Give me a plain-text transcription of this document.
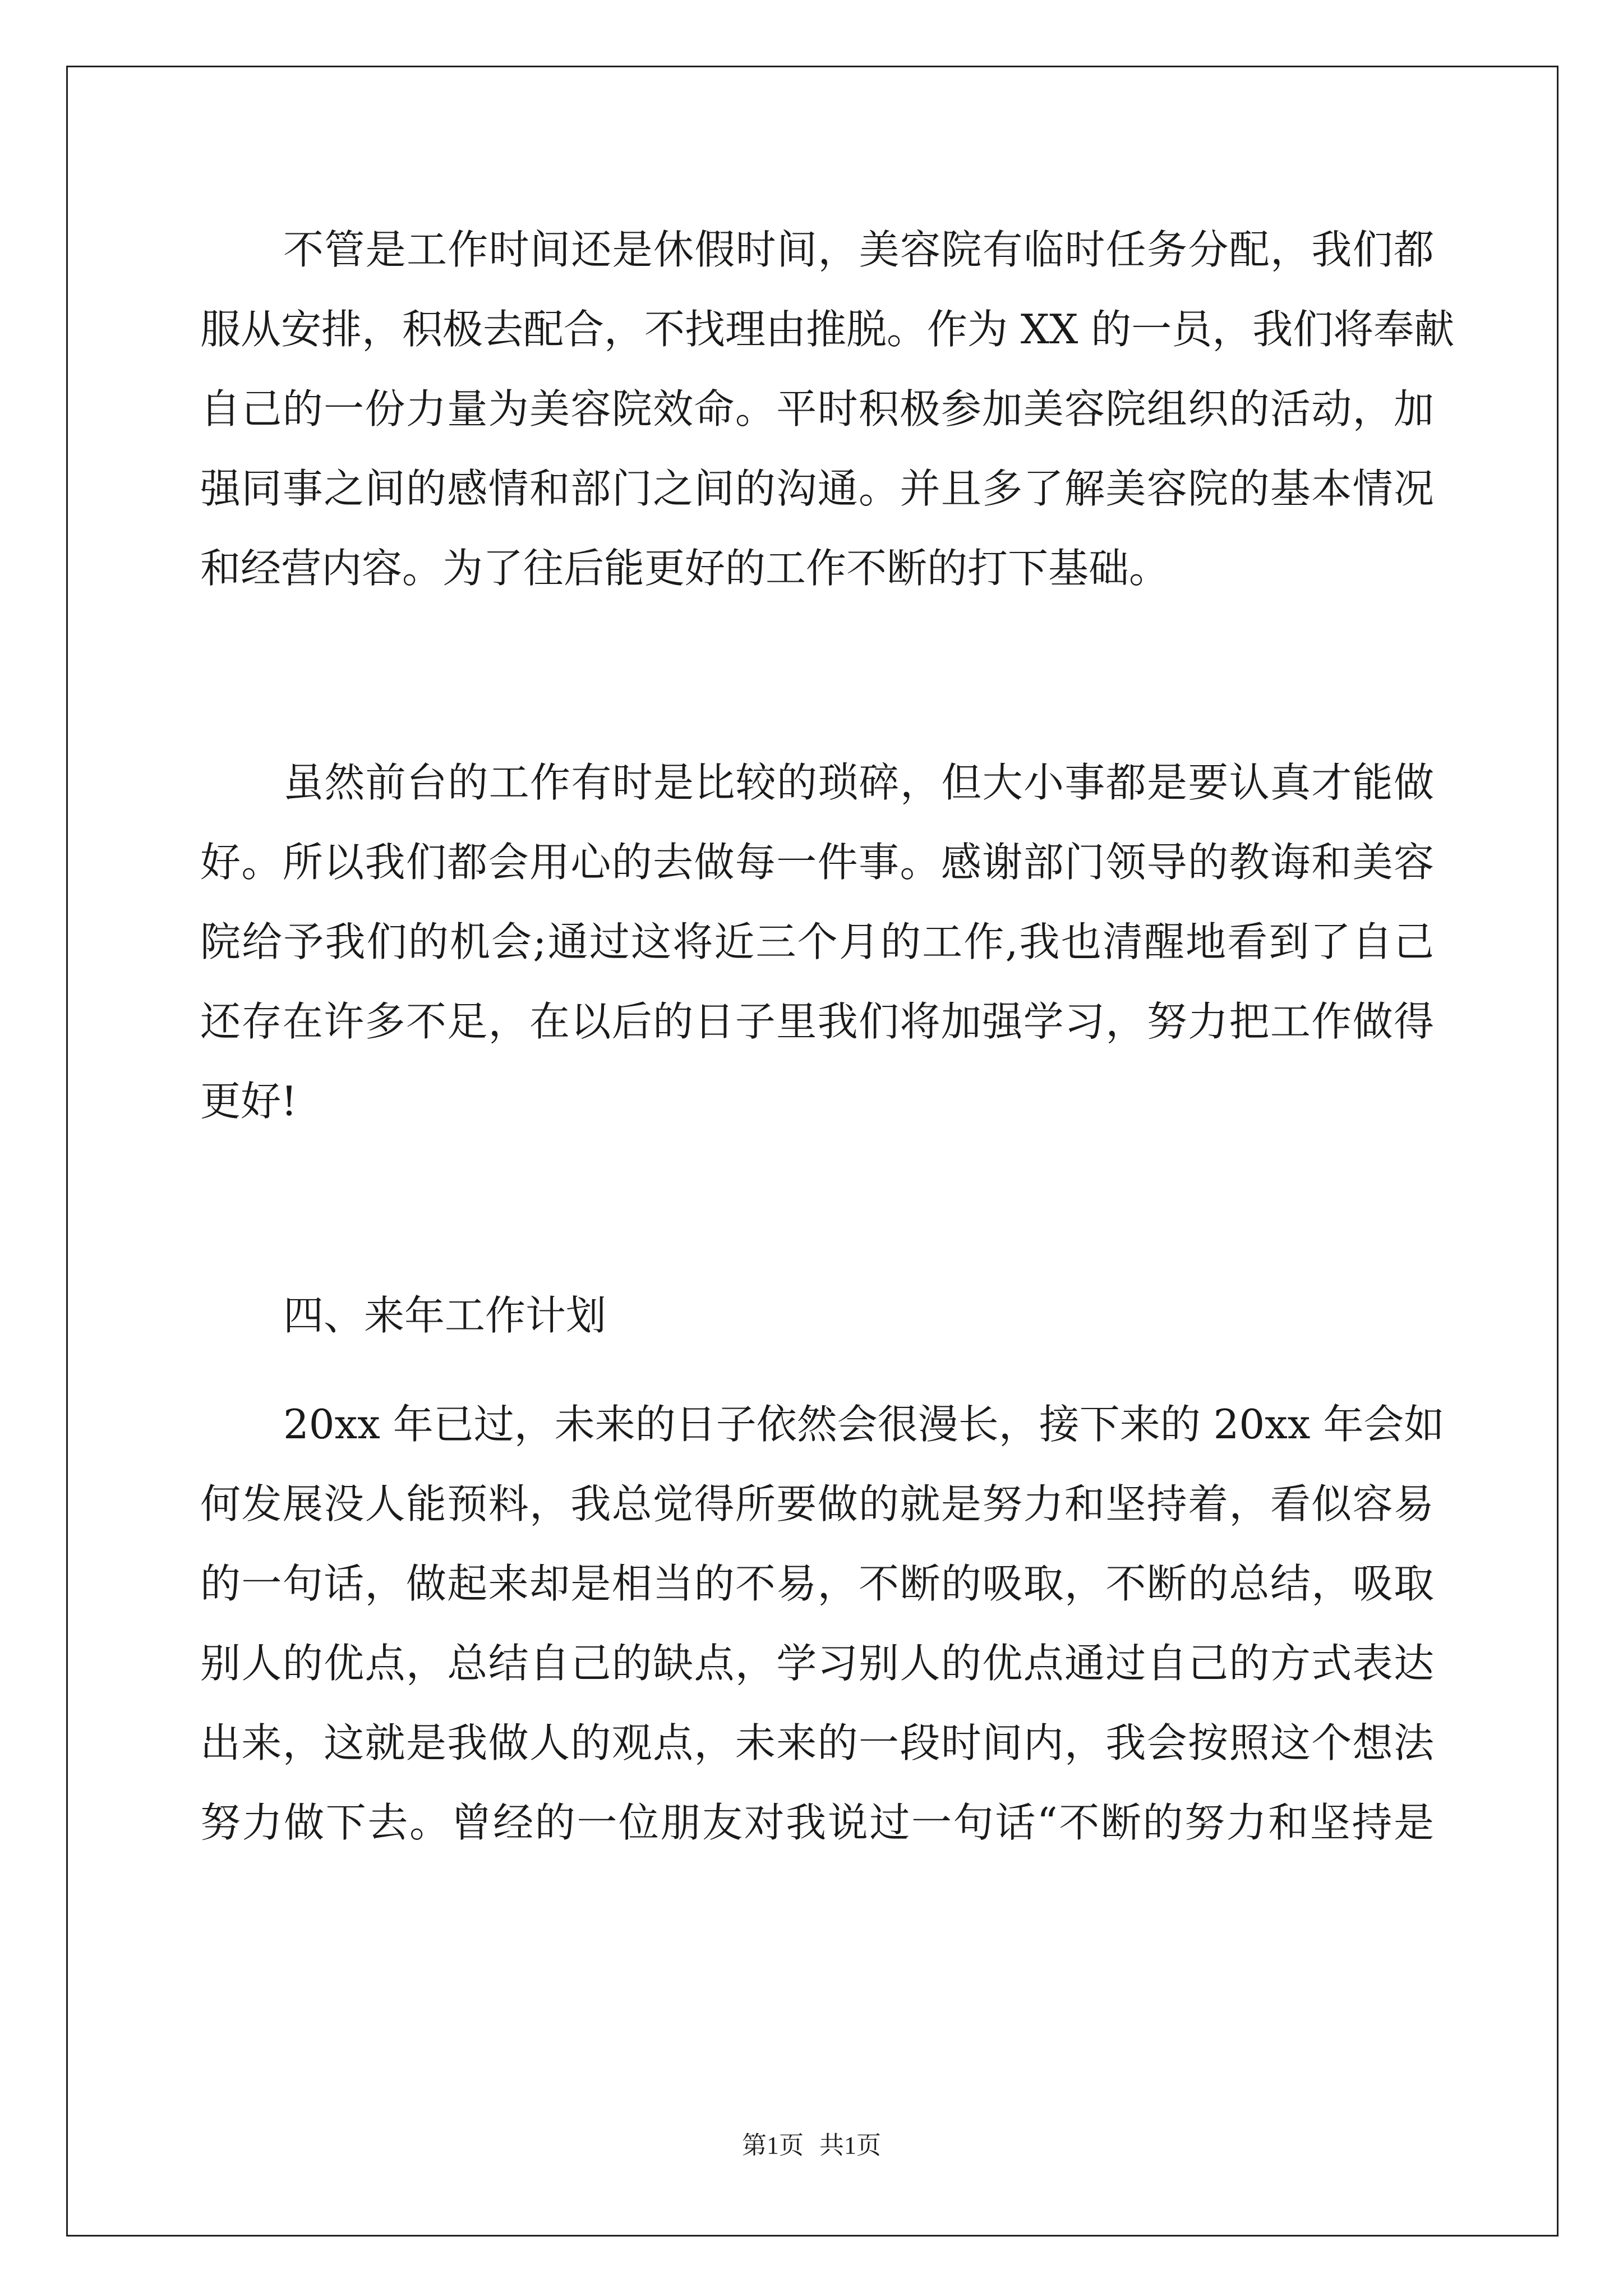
不管是工作时间还是休假时间，美容院有临时任务分配，我们都
服从安排，积极去配合，不找理由推脱。作为 XX 的一员，我们将奉献
自己的一份力量为美容院效命。平时积极参加美容院组织的活动，加
强同事之间的感情和部门之间的沟通。并且多了解美容院的基本情况
和经营内容。为了往后能更好的工作不断的打下基础。
虽然前台的工作有时是比较的琐碎，但大小事都是要认真才能做
好。所以我们都会用心的去做每一件事。感谢部门领导的教诲和美容
院给予我们的机会;通过这将近三个月的工作,我也清醒地看到了自己
还存在许多不足，在以后的日子里我们将加强学习，努力把工作做得
更好!
四、来年工作计划
20xx 年已过，未来的日子依然会很漫长，接下来的 20xx 年会如
何发展没人能预料，我总觉得所要做的就是努力和坚持着，看似容易
的一句话，做起来却是相当的不易，不断的吸取，不断的总结，吸取
别人的优点，总结自己的缺点，学习别人的优点通过自己的方式表达
出来，这就是我做人的观点，未来的一段时间内，我会按照这个想法
努力做下去。曾经的一位朋友对我说过一句话“不断的努力和坚持是
第1页 共1页
